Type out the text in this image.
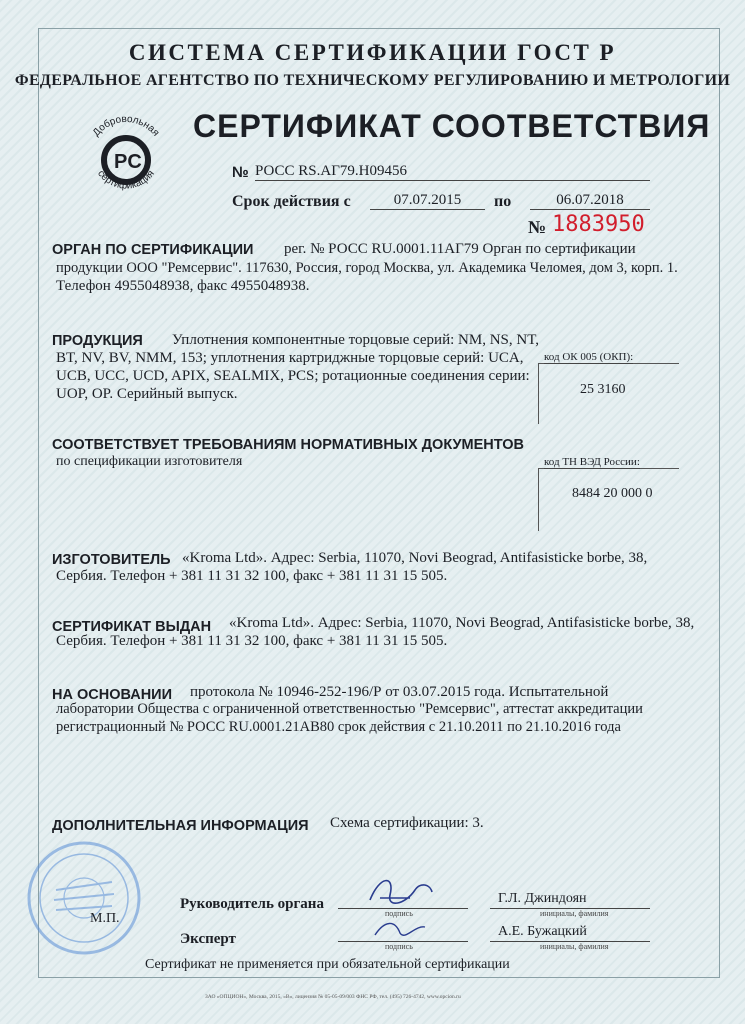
СИСТЕМА СЕРТИФИКАЦИИ ГОСТ Р
ФЕДЕРАЛЬНОЕ АГЕНТСТВО ПО ТЕХНИЧЕСКОМУ РЕГУЛИРОВАНИЮ И МЕТРОЛОГИИ
Добровольная
PC
сертификация
СЕРТИФИКАТ СООТВЕТСТВИЯ
№ РОСС RS.АГ79.Н09456
Срок действия с	07.07.2015	по	06.07.2018
№ 1883950
ОРГАН ПО СЕРТИФИКАЦИИ рег. № РОСС RU.0001.11АГ79 Орган по сертификации
продукции ООО "Ремсервис". 117630, Россия, город Москва, ул. Академика Челомея, дом 3, корп. 1.
Телефон 4955048938, факс 4955048938.
ПРОДУКЦИЯ Уплотнения компонентные торцовые серий: NM, NS, NT,
BT, NV, BV, NMM, 153; уплотнения картриджные торцовые серий: UCA,
UCB, UCC, UCD, APIX, SEALMIX, PCS; ротационные соединения серии:
UOP, OP. Серийный выпуск.
код ОК 005 (ОКП):
25 3160
СООТВЕТСТВУЕТ ТРЕБОВАНИЯМ НОРМАТИВНЫХ ДОКУМЕНТОВ
по спецификации изготовителя	код ТН ВЭД России:
8484 20 000 0
ИЗГОТОВИТЕЛЬ «Kroma Ltd». Адрес: Serbia, 11070, Novi Beograd, Antifasisticke borbe, 38,
Сербия. Телефон + 381 11 31 32 100, факс + 381 11 31 15 505.
СЕРТИФИКАТ ВЫДАН «Kroma Ltd». Адрес: Serbia, 11070, Novi Beograd, Antifasisticke borbe, 38,
Сербия. Телефон + 381 11 31 32 100, факс + 381 11 31 15 505.
НА ОСНОВАНИИ протокола № 10946-252-196/Р от 03.07.2015 года. Испытательной
лаборатории Общества с ограниченной ответственностью "Ремсервис", аттестат аккредитации
регистрационный № РОСС RU.0001.21АВ80 срок действия с 21.10.2011 по 21.10.2016 года
ДОПОЛНИТЕЛЬНАЯ ИНФОРМАЦИЯ Схема сертификации: 3.
М.П.
Руководитель органа
подпись
Г.Л. Джиндоян
инициалы, фамилия
Эксперт	подпись
А.Е. Бужацкий
инициалы, фамилия
Сертификат не применяется при обязательной сертификации
ЗАО «ОПЦИОН», Москва, 2015, «В», лицензия № 05-05-09/003 ФНС РФ, тел. (495) 726-4742, www.opcion.ru
